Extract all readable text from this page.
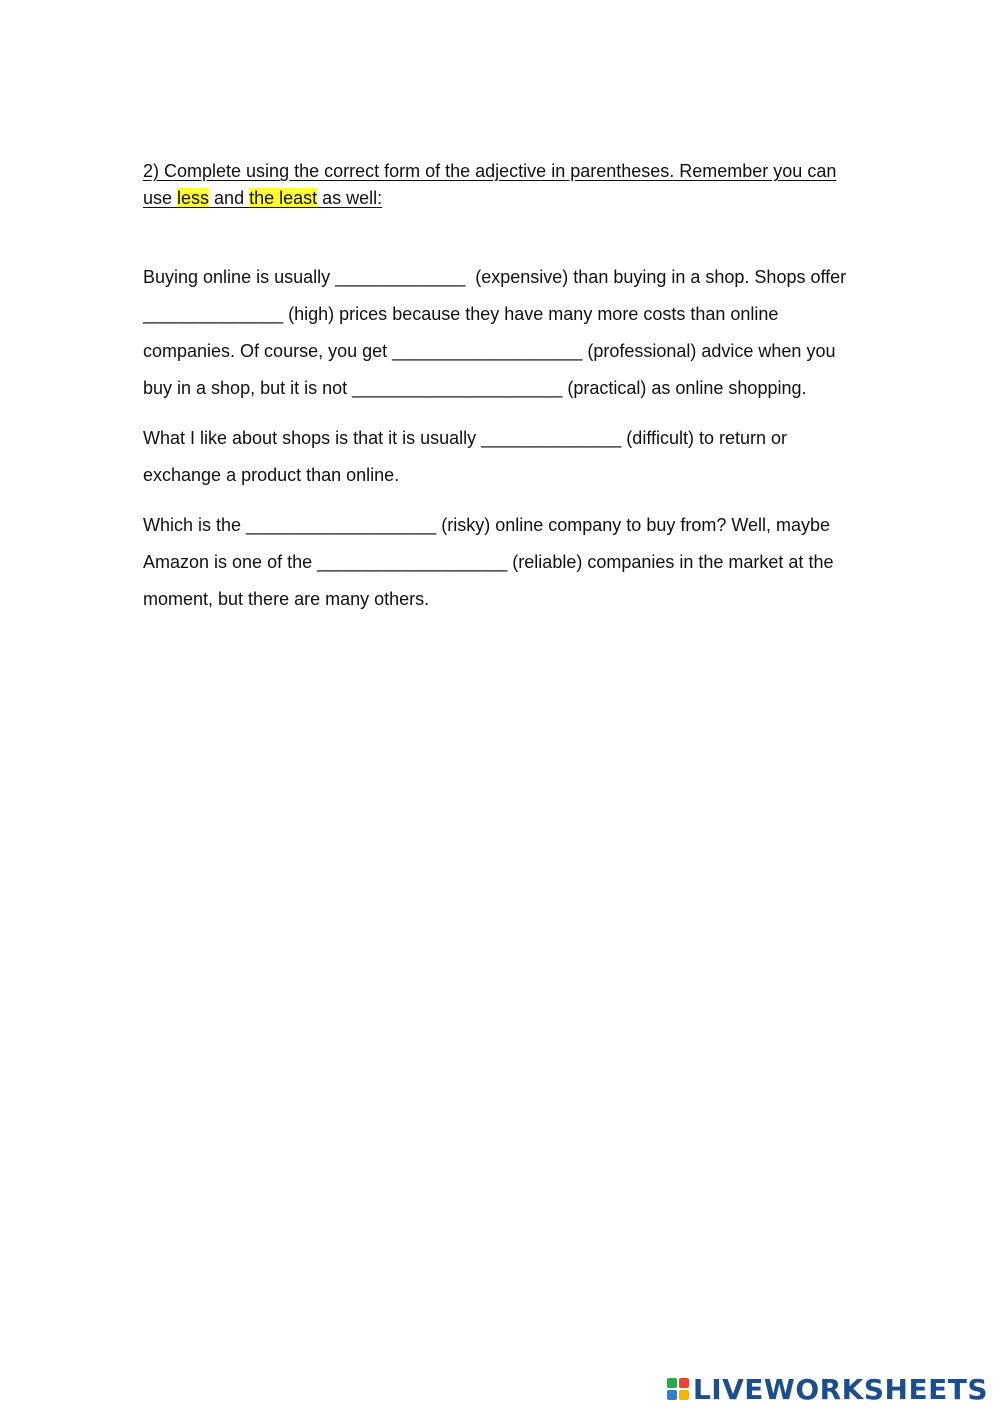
2) Complete using the correct form of the adjective in parentheses. Remember you can
use less and the least as well:
Buying online is usually _____________  (expensive) than buying in a shop. Shops offer
______________ (high) prices because they have many more costs than online
companies. Of course, you get ___________________ (professional) advice when you
buy in a shop, but it is not _____________________ (practical) as online shopping.
What I like about shops is that it is usually ______________ (difficult) to return or
exchange a product than online.
Which is the ___________________ (risky) online company to buy from? Well, maybe
Amazon is one of the ___________________ (reliable) companies in the market at the
moment, but there are many others.
LIVEWORKSHEETS
